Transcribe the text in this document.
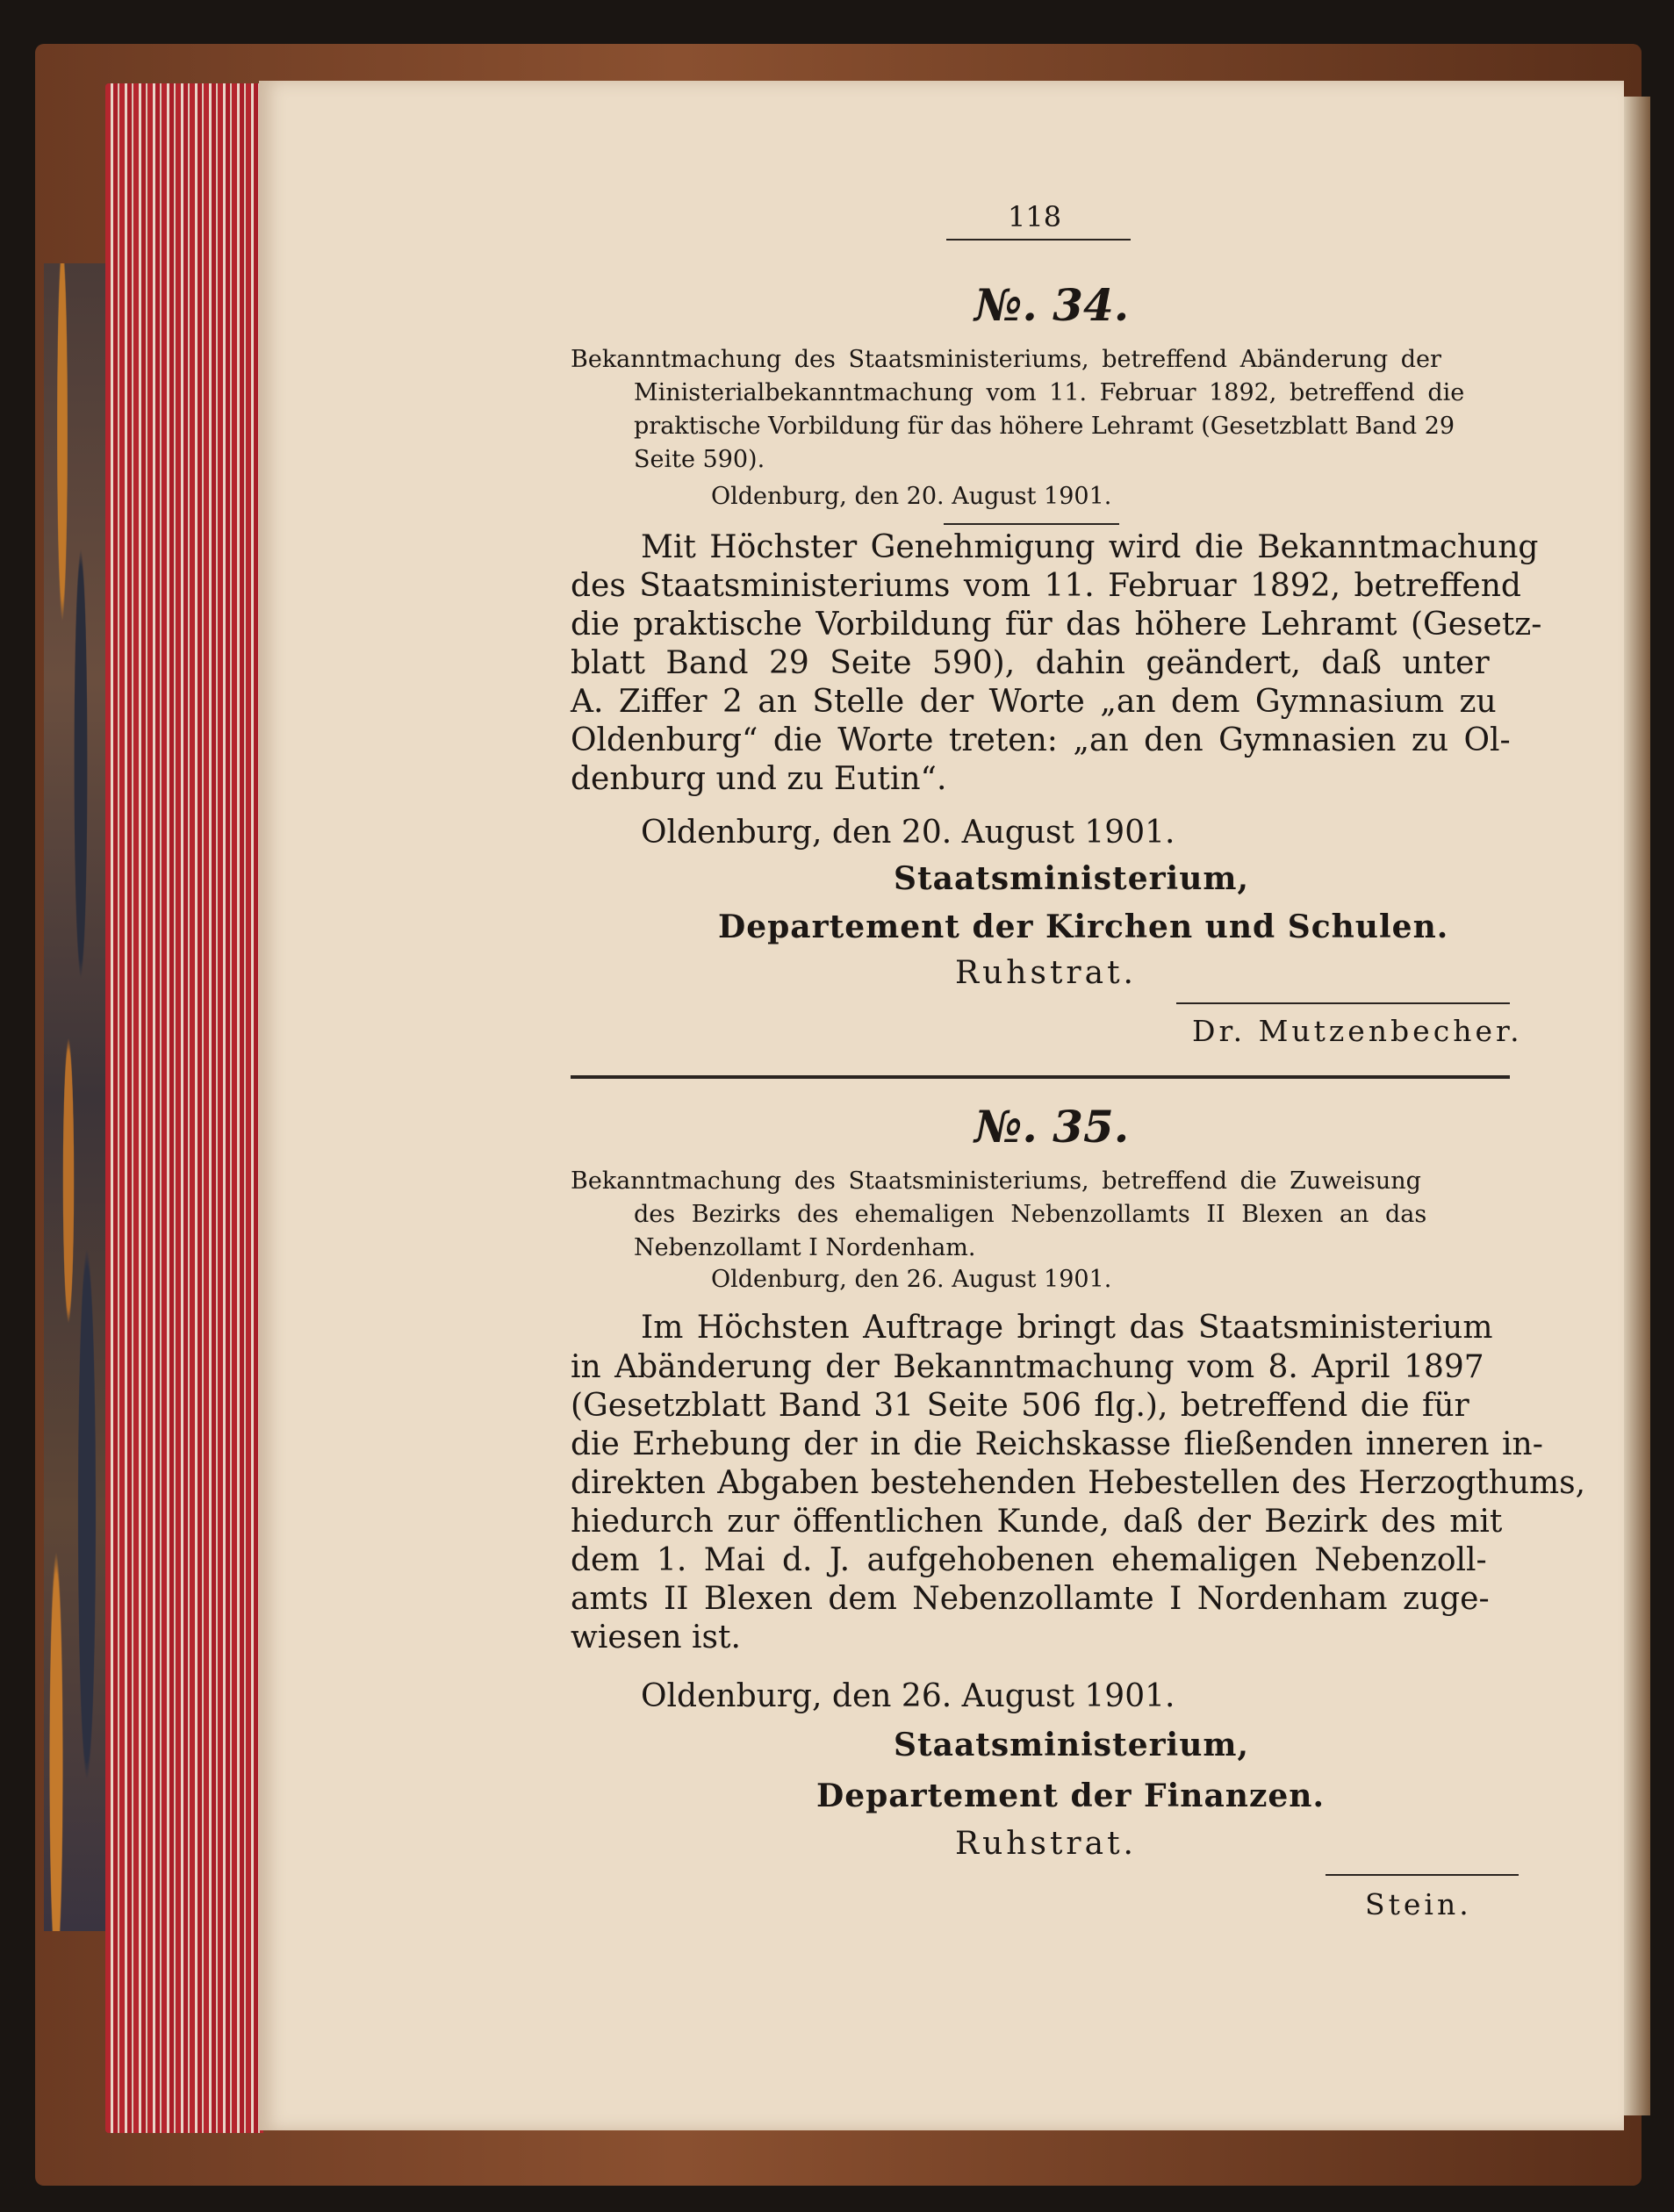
118
№. 34.
Bekanntmachung des Staatsministeriums, betreffend Abänderung der
Ministerialbekanntmachung vom 11. Februar 1892, betreffend die
praktische Vorbildung für das höhere Lehramt (Gesetzblatt Band 29
Seite 590).
Oldenburg, den 20. August 1901.
Mit Höchster Genehmigung wird die Bekanntmachung
des Staatsministeriums vom 11. Februar 1892, betreffend
die praktische Vorbildung für das höhere Lehramt (Gesetz-
blatt Band 29 Seite 590), dahin geändert, daß unter
A. Ziffer 2 an Stelle der Worte „an dem Gymnasium zu
Oldenburg“ die Worte treten: „an den Gymnasien zu Ol-
denburg und zu Eutin“.
Oldenburg, den 20. August 1901.
Staatsministerium,
Departement der Kirchen und Schulen.
Ruhstrat.
Dr. Mutzenbecher.
№. 35.
Bekanntmachung des Staatsministeriums, betreffend die Zuweisung
des Bezirks des ehemaligen Nebenzollamts II Blexen an das
Nebenzollamt I Nordenham.
Oldenburg, den 26. August 1901.
Im Höchsten Auftrage bringt das Staatsministerium
in Abänderung der Bekanntmachung vom 8. April 1897
(Gesetzblatt Band 31 Seite 506 flg.), betreffend die für
die Erhebung der in die Reichskasse fließenden inneren in-
direkten Abgaben bestehenden Hebestellen des Herzogthums,
hiedurch zur öffentlichen Kunde, daß der Bezirk des mit
dem 1. Mai d. J. aufgehobenen ehemaligen Nebenzoll-
amts II Blexen dem Nebenzollamte I Nordenham zuge-
wiesen ist.
Oldenburg, den 26. August 1901.
Staatsministerium,
Departement der Finanzen.
Ruhstrat.
Stein.
